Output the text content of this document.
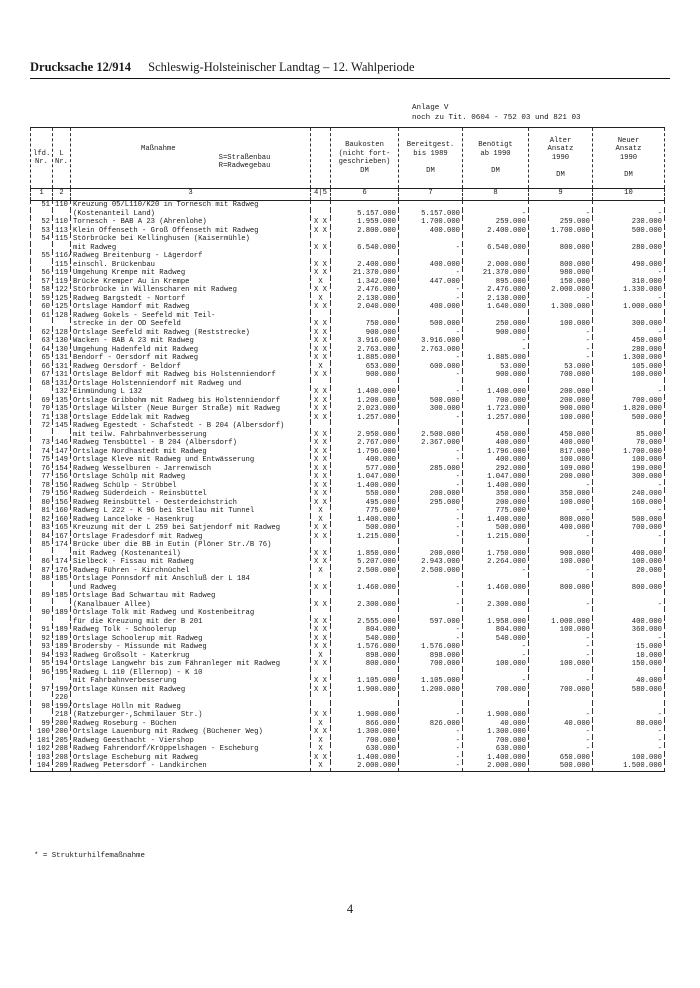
Drucksache 12/914 Schleswig-Holsteinischer Landtag – 12. Wahlperiode
Anlage V
noch zu Tit. 0604 - 752 03 und 821 03
lfd.
Nr.	L
Nr.	Maßnahme
S=Straßenbau
R=Radwegebau		Baukosten
(nicht fort-
geschrieben)
DM	Bereitgest.
bis 1989

DM	Benötigt
ab 1990

DM	Alter
Ansatz
1990

DM	Neuer
Ansatz
1990

DM
1	2	3	4|5	6	7	8	9	10
51	110	Kreuzung 05/L110/K20 in Tornesch mit Radweg						
		(Kostenanteil Land)		5.157.000	5.157.000	-	-	-
52	110	Tornesch - BAB A 23 (Ahrenlohe)	X X	1.959.000	1.700.000	259.000	259.000	230.000
53	113	Klein Offenseth - Groß Offenseth mit Radweg	X X	2.800.000	400.000	2.400.000	1.700.000	500.000
54	115	Störbrücke bei Kellinghusen (Kaisermühle)						
		mit Radweg	X X	6.540.000	-	6.540.000	800.000	280.000
55	116/	Radweg Breitenburg - Lägerdorf						
	115	einschl. Brückenbau	X X	2.400.000	400.000	2.000.000	800.000	490.000
56	119	Umgehung Krempe mit Radweg	X X	21.370.000	-	21.370.000	980.000	-
57	119	Brücke Kremper Au in Krempe	X	1.342.000	447.000	895.000	150.000	310.000
58	122	Störbrücke in Willenscharen mit Radweg	X X	2.476.000	-	2.476.000	2.000.000	1.330.000
59	125	Radweg Bargstedt - Nortorf	X	2.130.000	-	2.130.000	-	-
60	125	Ortslage Hamdorf mit Radweg	X X	2.040.000	400.000	1.640.000	1.300.000	1.000.000
61	128	Radweg Gokels - Seefeld mit Teil-						
		strecke in der OD Seefeld	X X	750.000	500.000	250.000	100.000	300.000
62	128	Ortslage Seefeld mit Radweg (Reststrecke)	X X	900.000	-	900.000	-	-
63	130	Wacken - BAB A 23 mit Radweg	X X	3.916.000	3.916.000	-	-	450.000
64	130	Umgehung Hadenfeld mit Radweg	X X	2.763.000	2.763.000	-	-	280.000
65	131	Bendorf - Oersdorf mit Radweg	X X	1.885.000	-	1.885.000	-	1.300.000
66	131	Radweg Oersdorf - Beldorf	X	653.000	600.000	53.000	53.000	105.000
67	131	Ortslage Beldorf mit Radweg bis Holstenniendorf	X X	900.000	-	900.000	700.000	100.000
68	131/	Ortslage Holstenniendorf mit Radweg und						
	132	Einmündung L 132	X X	1.400.000	-	1.400.000	200.000	-
69	135	Ortslage Gribbohm mit Radweg bis Holstenniendorf	X X	1.200.000	500.000	700.000	200.000	700.000
70	135	Ortslage Wilster (Neue Burger Straße) mit Radweg	X X	2.023.000	300.000	1.723.000	900.000	1.820.000
71	138	Ortslage Eddelak mit Radweg	X X	1.257.000	-	1.257.000	100.000	500.000
72	145	Radweg Egestedt - Schafstedt - B 204 (Albersdorf)						
		mit teilw. Fahrbahnverbesserung	X X	2.950.000	2.500.000	450.000	450.000	85.000
73	146	Radweg Tensbüttel - B 204 (Albersdorf)	X X	2.767.000	2.367.000	400.000	400.000	70.000
74	147	Ortslage Nordhastedt mit Radweg	X X	1.796.000	-	1.796.000	817.000	1.700.000
75	149	Ortslage Kleve mit Radweg und Entwässerung	X X	400.000	-	400.000	100.000	100.000
76	154	Radweg Wesselburen - Jarrenwisch	X X	577.000	285.000	292.000	109.000	190.000
77	156	Ortslage Schülp mit Radweg	X X	1.047.000	-	1.047.000	200.000	300.000
78	156	Radweg Schülp - Strübbel	X X	1.400.000	-	1.400.000	-	-
79	156	Radweg Süderdeich - Reinsbüttel	X X	550.000	200.000	350.000	350.000	240.000
80	156	Radweg Reinsbüttel - Oesterdeichstrich	X X	495.000	295.000	200.000	100.000	160.000
81	160	Radweg L 222 - K 96 bei Stellau mit Tunnel	X	775.000	-	775.000	-	-
82	160	Radweg Lanceloke - Hasenkrug	X	1.400.000	-	1.400.000	800.000	500.000
83	165	Kreuzung mit der L 259 bei Satjendorf mit Radweg	X X	500.000	-	500.000	400.000	700.000
84	167	Ortslage Fradesdorf mit Radweg	X X	1.215.000	-	1.215.000	-	-
85	174	Brücke über die BB in Eutin (Plöner Str./B 76)						
		mit Radweg (Kostenanteil)	X X	1.850.000	200.000	1.750.000	900.000	400.000
86	174	Sielbeck - Fissau mit Radweg	X X	5.207.000	2.943.000	2.264.000	100.000	100.000
87	176	Radweg Führen - Kirchnüchel	X	2.500.000	2.500.000	-	-	20.000
88	185	Ortslage Ponnsdorf mit Anschluß der L 184						
		und Radweg	X X	1.460.000	-	1.460.000	800.000	800.000
89	185	Ortslage Bad Schwartau mit Radweg						
		(Kanalbauer Allee)	X X	2.300.000	-	2.300.000	-	-
90	189	Ortslage Tolk mit Radweg und Kostenbeitrag						
		für die Kreuzung mit der B 201	X X	2.555.000	597.000	1.958.000	1.000.000	400.000
91	189	Radweg Tolk - Schoolerup	X X	804.000	-	804.000	100.000	360.000
92	189	Ortslage Schoolerup mit Radweg	X X	540.000	-	540.000	-	-
93	189	Brodersby - Missunde mit Radweg	X X	1.576.000	1.576.000	-	-	15.000
94	193	Radweg Großsolt - Katerkrug	X	898.000	898.000	-	-	10.000
95	194	Ortslage Langwehr bis zum Fähranleger mit Radweg	X X	800.000	700.000	100.000	100.000	150.000
96	195	Radweg L 110 (Ellernop) - K 10						
		mit Fahrbahnverbesserung	X X	1.105.000	1.105.000	-	-	40.000
97	199/	Ortslage Künsen mit Radweg	X X	1.900.000	1.200.000	700.000	700.000	580.000
	220							
98	199/	Ortslage Hölln mit Radweg						
	218	(Ratzeburger-,Schmilauer Str.)	X X	1.900.000	-	1.900.000	-	-
99	200	Radweg Roseburg - Büchen	X	866.000	826.000	40.000	40.000	80.000
100	200	Ortslage Lauenburg mit Radweg (Büchener Weg)	X X	1.300.000	-	1.300.000	-	-
101	205	Radweg Geesthacht - Viershop	X	700.000	-	700.000	-	-
102	208	Radweg Fahrendorf/Kröppelshagen - Escheburg	X	630.000	-	630.000	-	-
103	208	Ortslage Escheburg mit Radweg	X X	1.400.000	-	1.400.000	650.000	100.000
104	209	Radweg Petersdorf - Landkirchen	X	2.000.000	-	2.000.000	500.000	1.500.000
* = Strukturhilfemaßnahme
4
